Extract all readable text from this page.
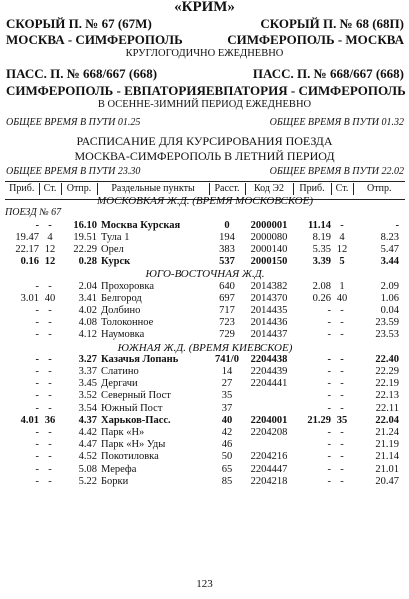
«КРИМ»
СКОРЫЙ П. № 67 (67М)	СКОРЫЙ П. № 68 (68П)
МОСКВА - СИМФЕРОПОЛЬ	СИМФЕРОПОЛЬ - МОСКВА
КРУГЛОГОДИЧНО ЕЖЕДНЕВНО
ПАСС. П. № 668/667 (668)	ПАСС. П. № 668/667 (668)
СИМФЕРОПОЛЬ - ЕВПАТОРИЯ ЕВПАТОРИЯ - СИМФЕРОПОЛЬ
В ОСЕННЕ-ЗИМНИЙ ПЕРИОД ЕЖЕДНЕВНО
ОБЩЕЕ ВРЕМЯ В ПУТИ 01.25	ОБЩЕЕ ВРЕМЯ В ПУТИ 01.32
РАСПИСАНИЕ ДЛЯ КУРСИРОВАНИЯ ПОЕЗДА
МОСКВА-СИМФЕРОПОЛЬ В ЛЕТНИЙ ПЕРИОД
ОБЩЕЕ ВРЕМЯ В ПУТИ 23.30	ОБЩЕЕ ВРЕМЯ В ПУТИ 22.02
Приб.	Ст.	Отпр.	Раздельные пункты	Расст.	Код Э2	Приб.	Ст.	Отпр.
МОСКОВКАЯ Ж.Д. (ВРЕМЯ МОСКОВСКОЕ)								
ПОЕЗД № 67								
-	-	16.10	Москва Курская	0	2000001	11.14	-	-
19.47	4	19.51	Тула 1	194	2000080	8.19	4	8.23
22.17	12	22.29	Орел	383	2000140	5.35	12	5.47
0.16	12	0.28	Курск	537	2000150	3.39	5	3.44
ЮГО-ВОСТОЧНАЯ Ж.Д.								
-	-	2.04	Прохоровка	640	2014382	2.08	1	2.09
3.01	40	3.41	Белгород	697	2014370	0.26	40	1.06
-	-	4.02	Долбино	717	2014435	-	-	0.04
-	-	4.08	Толоконное	723	2014436	-	-	23.59
-	-	4.12	Наумовка	729	2014437	-	-	23.53
ЮЖНАЯ Ж.Д. (ВРЕМЯ КИЕВСКОЕ)								
-	-	3.27	Казачья Лопань	741/0	2204438	-	-	22.40
-	-	3.37	Слатино	14	2204439	-	-	22.29
-	-	3.45	Дергачи	27	2204441	-	-	22.19
-	-	3.52	Северный Пост	35		-	-	22.13
-	-	3.54	Южный Пост	37		-	-	22.11
4.01	36	4.37	Харьков-Пасс.	40	2204001	21.29	35	22.04
-	-	4.42	Парк «Н»	42	2204208	-	-	21.24
-	-	4.47	Парк «Н» Уды	46		-	-	21.19
-	-	4.52	Покотиловка	50	2204216	-	-	21.14
-	-	5.08	Мерефа	65	2204447	-	-	21.01
-	-	5.22	Борки	85	2204218	-	-	20.47
123
